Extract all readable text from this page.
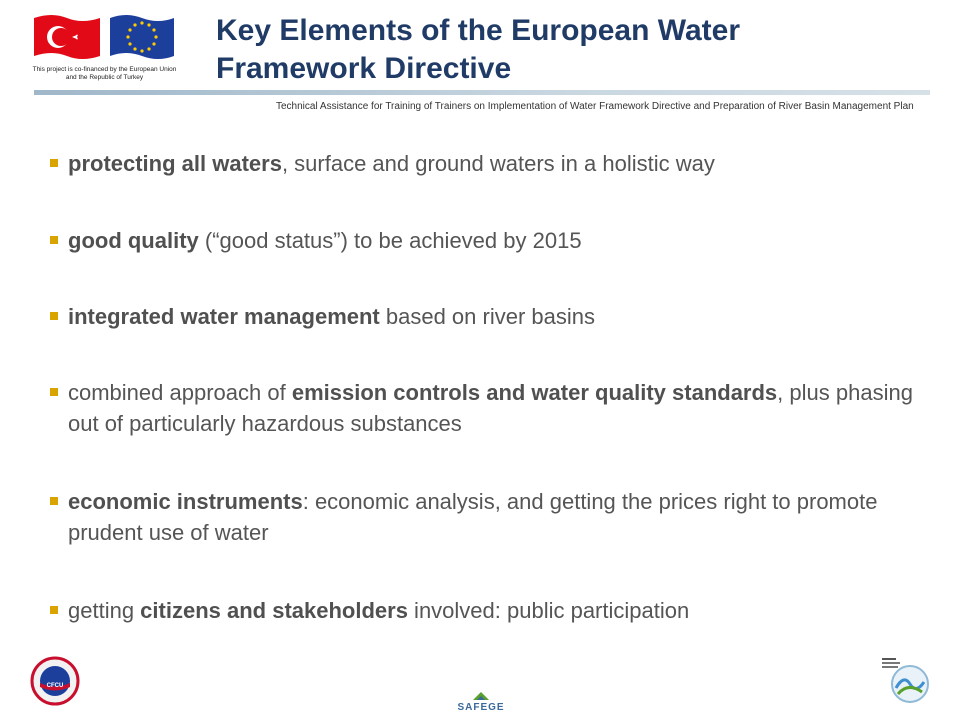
This project is co-financed by the European Union and the Republic of Turkey
Key Elements of the European Water
Framework Directive
Technical Assistance for Training of Trainers on Implementation of Water Framework Directive and Preparation of River Basin Management Plan
protecting all waters, surface and ground waters in a holistic way
good quality (“good status”) to be achieved by 2015
integrated water management based on river basins
combined approach of emission controls and water quality standards, plus phasing out of particularly hazardous substances
economic instruments: economic analysis, and getting the prices right to promote prudent use of water
getting citizens and stakeholders involved: public participation
CFCU
SAFEGE
